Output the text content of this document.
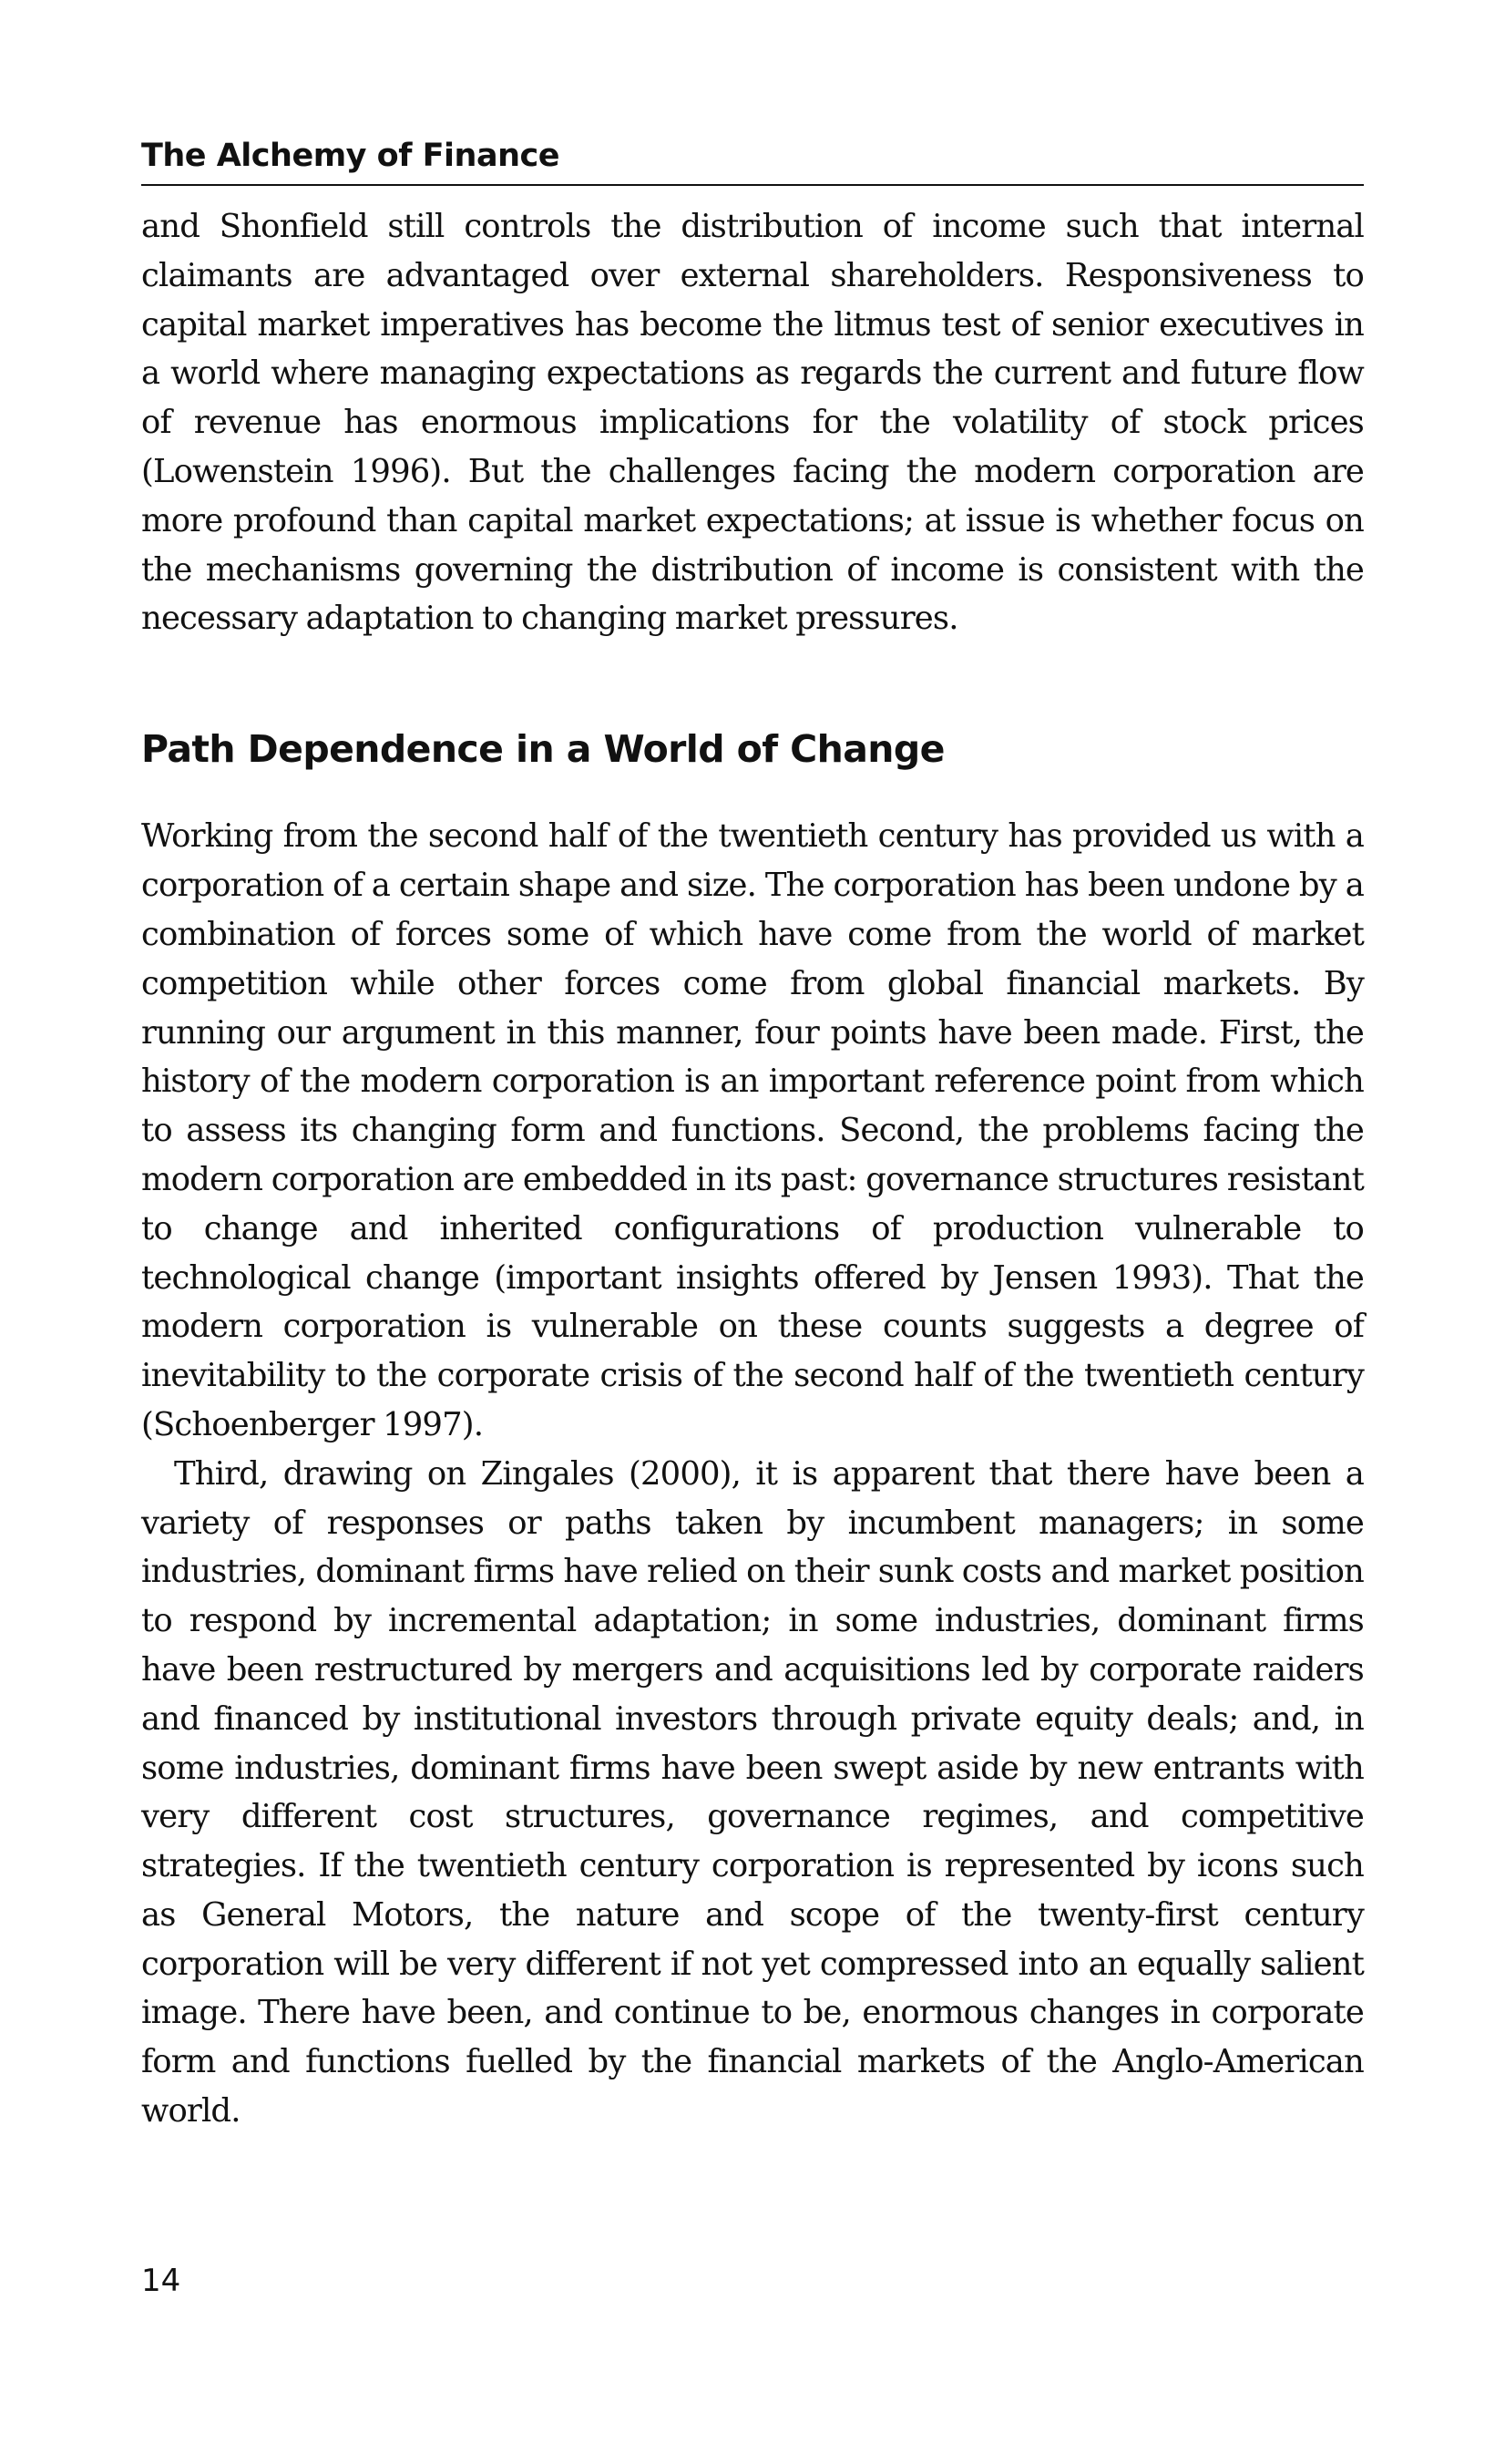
The Alchemy of Finance

and Shonfield still controls the distribution of income such that internal claimants are advantaged over external shareholders. Responsiveness to capital market imperatives has become the litmus test of senior executives in a world where managing expectations as regards the current and future flow of revenue has enormous implications for the volatility of stock prices (Lowenstein 1996). But the challenges facing the modern corporation are more profound than capital market expectations; at issue is whether focus on the mechanisms governing the distribution of income is consistent with the necessary adaptation to changing market pressures.

Path Dependence in a World of Change

Working from the second half of the twentieth century has provided us with a corporation of a certain shape and size. The corporation has been undone by a combination of forces some of which have come from the world of market competition while other forces come from global financial markets. By running our argument in this manner, four points have been made. First, the history of the modern corporation is an important reference point from which to assess its changing form and functions. Second, the problems facing the modern corporation are embedded in its past: governance structures resistant to change and inherited configurations of production vulnerable to technological change (important insights offered by Jensen 1993). That the modern corporation is vulnerable on these counts suggests a degree of inevitability to the corporate crisis of the second half of the twentieth century (Schoenberger 1997).

Third, drawing on Zingales (2000), it is apparent that there have been a variety of responses or paths taken by incumbent managers; in some industries, dominant firms have relied on their sunk costs and market position to respond by incremental adaptation; in some industries, dominant firms have been restructured by mergers and acquisitions led by corporate raiders and financed by institutional investors through private equity deals; and, in some industries, dominant firms have been swept aside by new entrants with very different cost structures, governance regimes, and competitive strategies. If the twentieth century corporation is represented by icons such as General Motors, the nature and scope of the twenty-first century corporation will be very different if not yet compressed into an equally salient image. There have been, and continue to be, enormous changes in corporate form and functions fuelled by the financial markets of the Anglo-American world.

14
